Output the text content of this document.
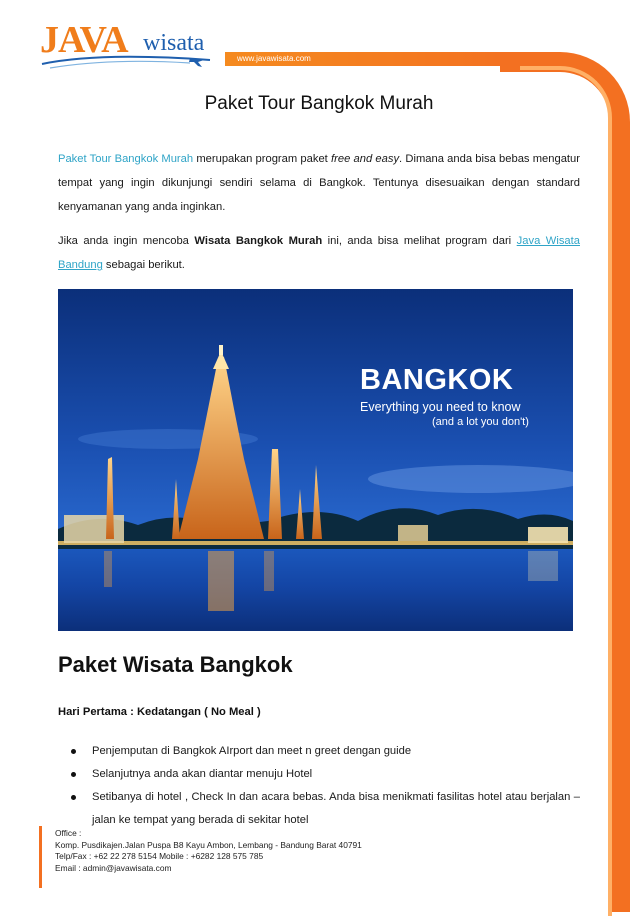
JAVA wisata
www.javawisata.com
Paket Tour Bangkok Murah
Paket Tour Bangkok Murah merupakan program paket free and easy. Dimana anda bisa bebas mengatur tempat yang ingin dikunjungi sendiri selama di Bangkok. Tentunya disesuaikan dengan standard kenyamanan yang anda inginkan.
Jika anda ingin mencoba Wisata Bangkok Murah ini, anda bisa melihat program dari Java Wisata Bandung sebagai berikut.
BANGKOK
Everything you need to know
(and a lot you don't)
Paket Wisata Bangkok
Hari Pertama : Kedatangan ( No Meal )
Penjemputan di Bangkok AIrport dan meet n greet dengan guide
Selanjutnya anda akan diantar menuju Hotel
Setibanya di hotel , Check In dan acara bebas. Anda bisa menikmati fasilitas hotel atau berjalan – jalan ke tempat yang berada di sekitar hotel
Office :
Komp. Pusdikajen.Jalan Puspa B8 Kayu Ambon, Lembang - Bandung Barat 40791
Telp/Fax : +62 22 278 5154 Mobile : +6282 128 575 785
Email : admin@javawisata.com
